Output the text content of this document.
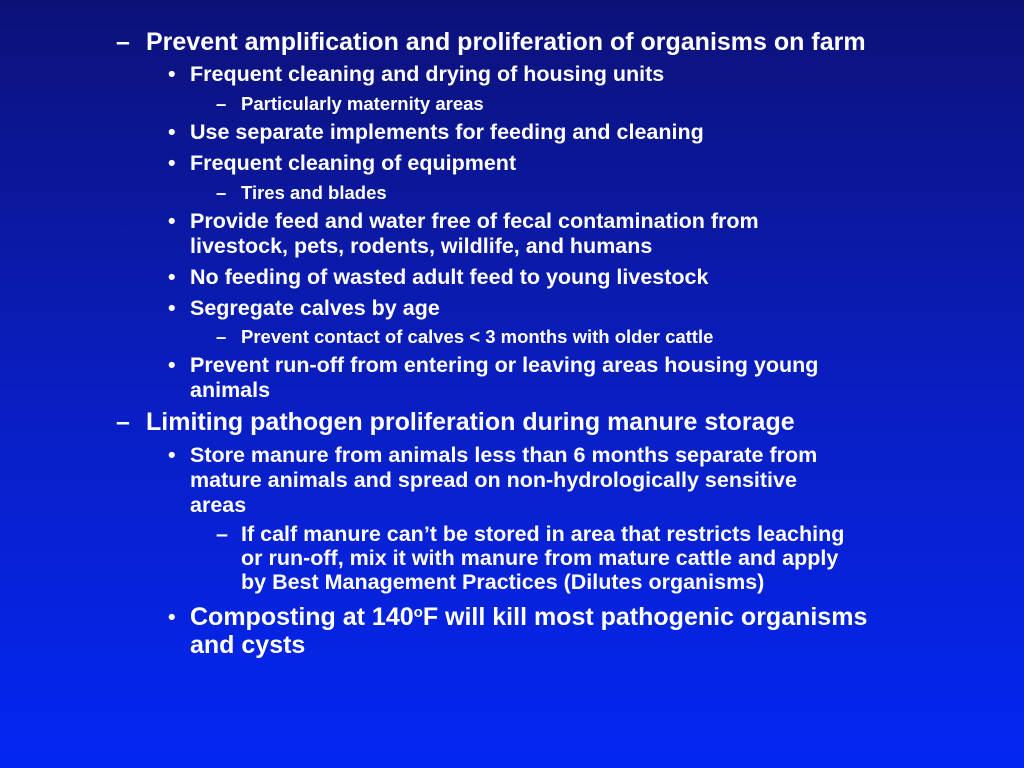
– Prevent amplification and proliferation of organisms on farm
• Frequent cleaning and drying of housing units
– Particularly maternity areas
• Use separate implements for feeding and cleaning
• Frequent cleaning of equipment
– Tires and blades
• Provide feed and water free of fecal contamination from
livestock, pets, rodents, wildlife, and humans
• No feeding of wasted adult feed to young livestock
• Segregate calves by age
– Prevent contact of calves < 3 months with older cattle
• Prevent run-off from entering or leaving areas housing young
animals
– Limiting pathogen proliferation during manure storage
• Store manure from animals less than 6 months separate from
mature animals and spread on non-hydrologically sensitive
areas
– If calf manure can’t be stored in area that restricts leaching
or run-off, mix it with manure from mature cattle and apply
by Best Management Practices (Dilutes organisms)
• Composting at 140$^o$F will kill most pathogenic organisms
and cysts
